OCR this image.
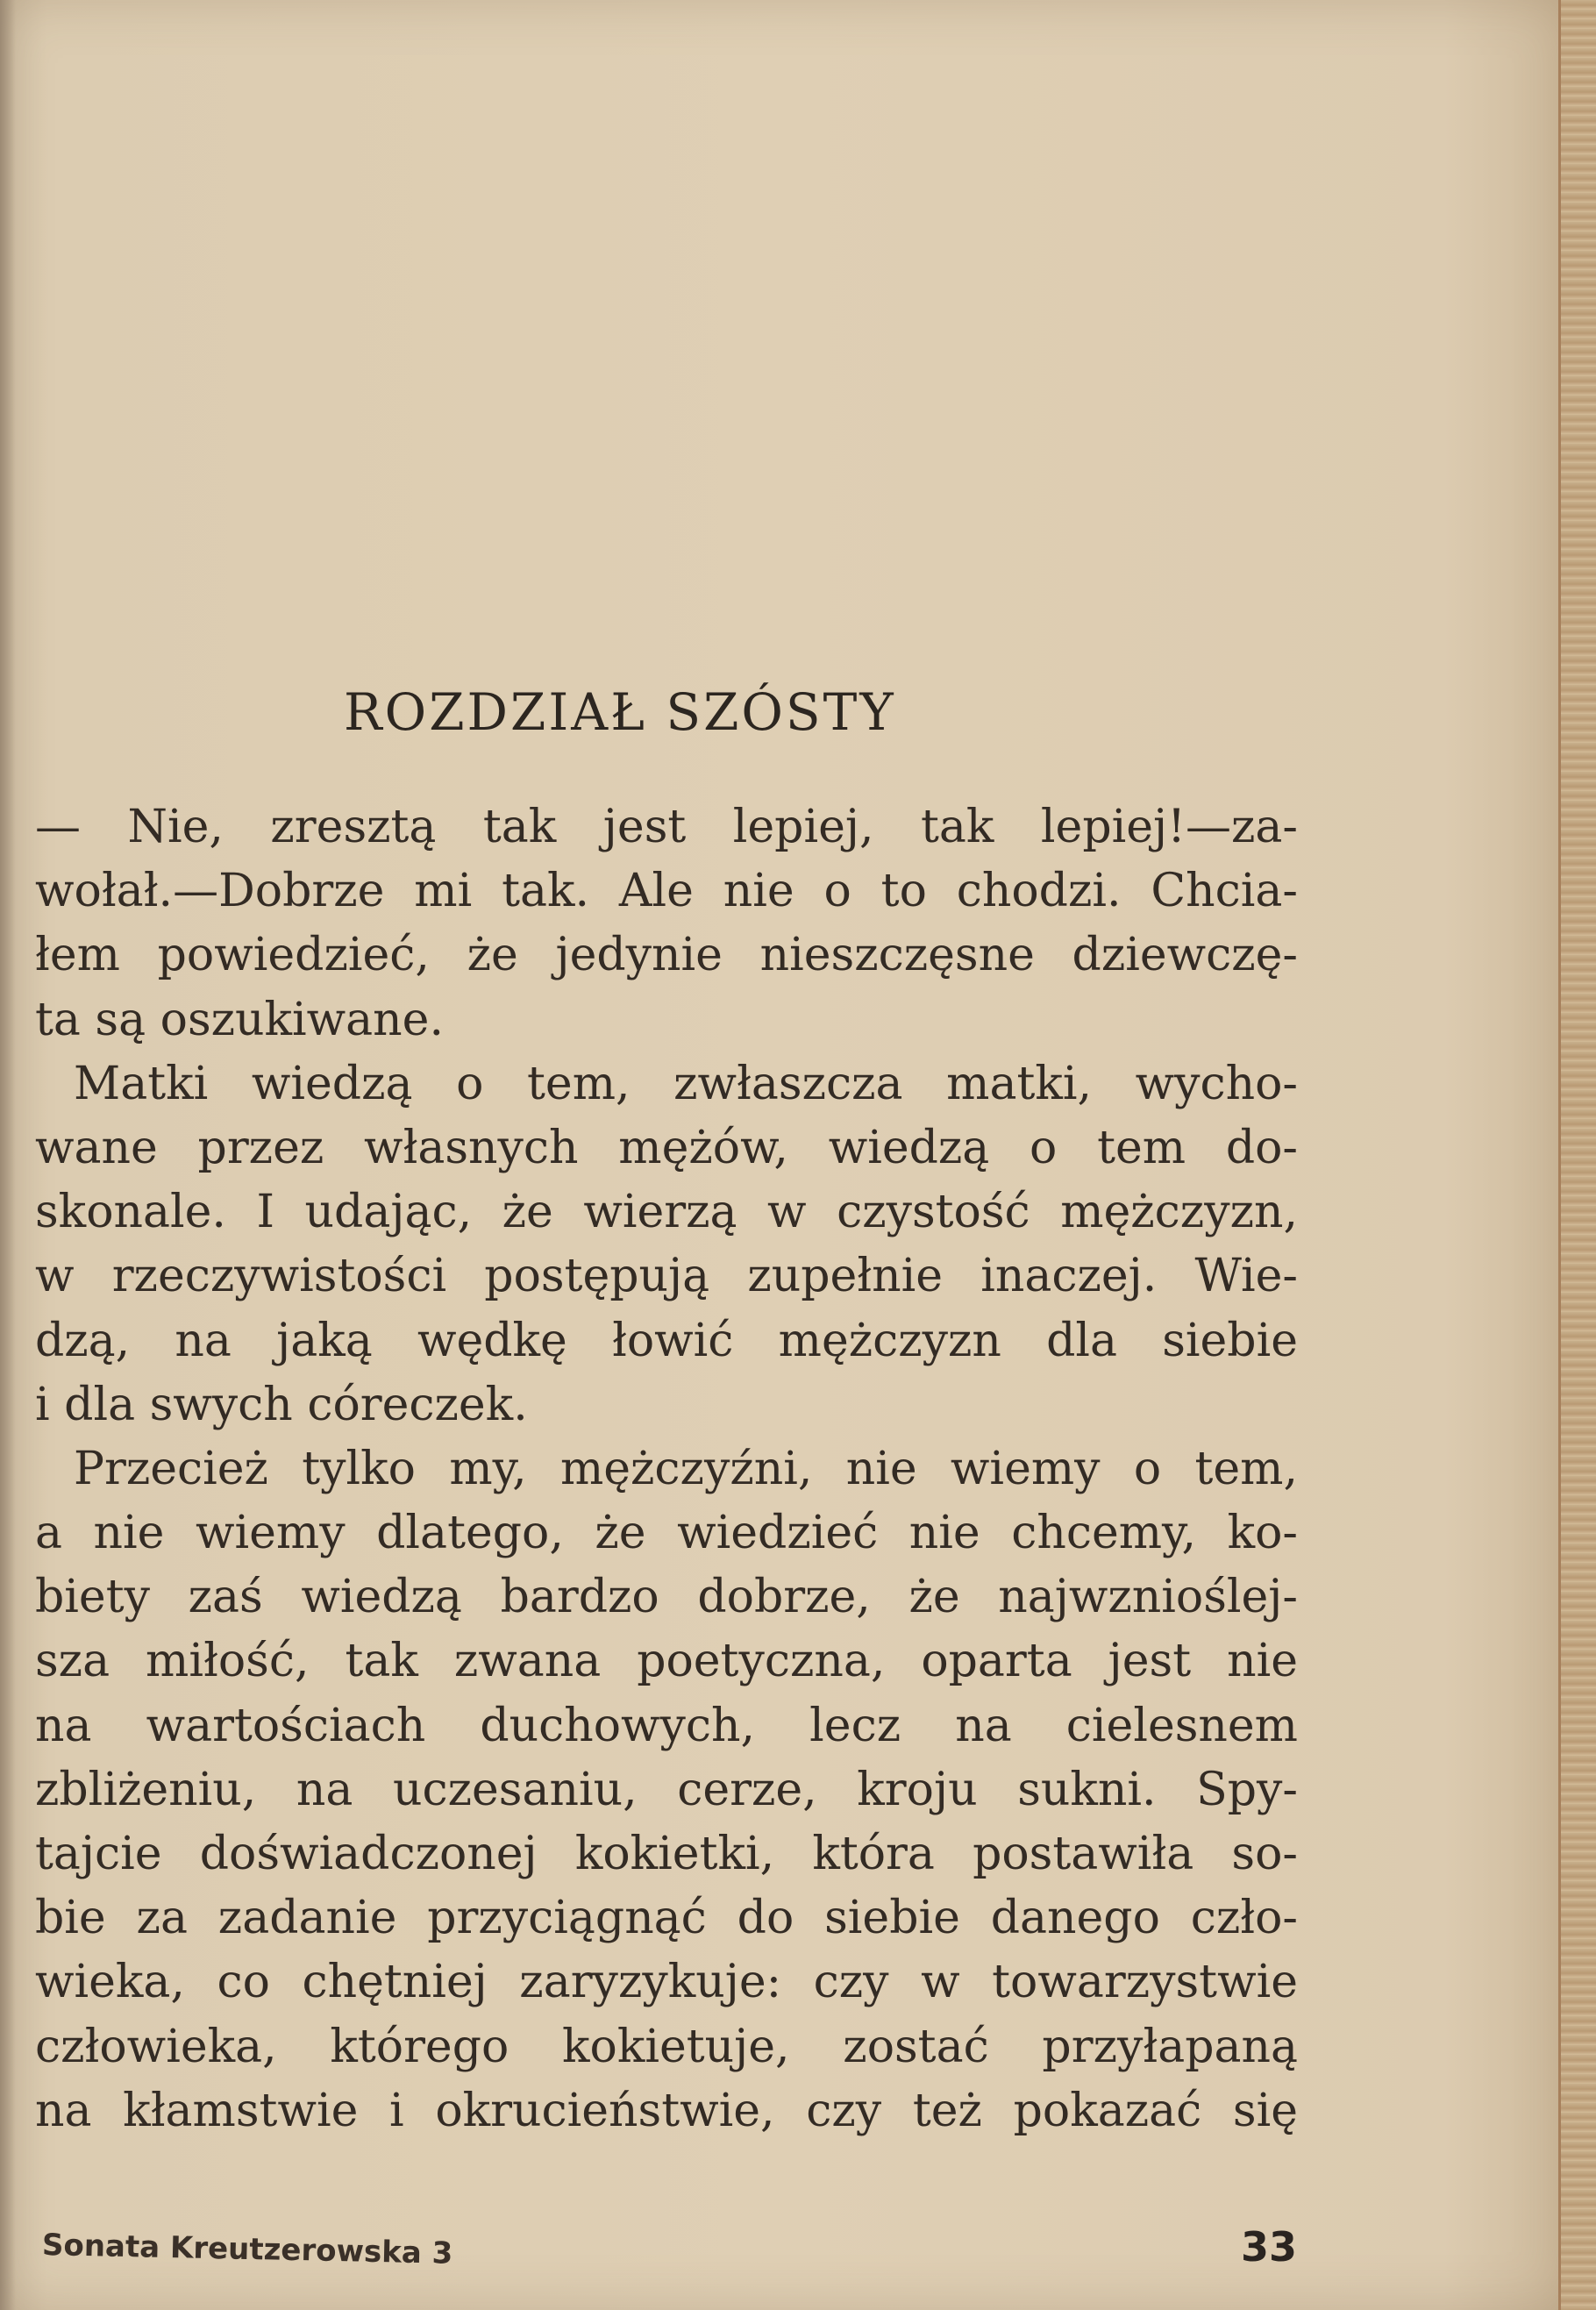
ROZDZIAŁ SZÓSTY
— Nie, zresztą tak jest lepiej, tak lepiej!—za-
wołał.—Dobrze mi tak. Ale nie o to chodzi. Chcia-
łem powiedzieć, że jedynie nieszczęsne dziewczę-
ta są oszukiwane.
Matki wiedzą o tem, zwłaszcza matki, wycho-
wane przez własnych mężów, wiedzą o tem do-
skonale. I udając, że wierzą w czystość mężczyzn,
w rzeczywistości postępują zupełnie inaczej. Wie-
dzą, na jaką wędkę łowić mężczyzn dla siebie
i dla swych córeczek.
Przecież tylko my, mężczyźni, nie wiemy o tem,
a nie wiemy dlatego, że wiedzieć nie chcemy, ko-
biety zaś wiedzą bardzo dobrze, że najwznioślej-
sza miłość, tak zwana poetyczna, oparta jest nie
na wartościach duchowych, lecz na cielesnem
zbliżeniu, na uczesaniu, cerze, kroju sukni. Spy-
tajcie doświadczonej kokietki, która postawiła so-
bie za zadanie przyciągnąć do siebie danego czło-
wieka, co chętniej zaryzykuje: czy w towarzystwie
człowieka, którego kokietuje, zostać przyłapaną
na kłamstwie i okrucieństwie, czy też pokazać się
Sonata Kreutzerowska 3	33
